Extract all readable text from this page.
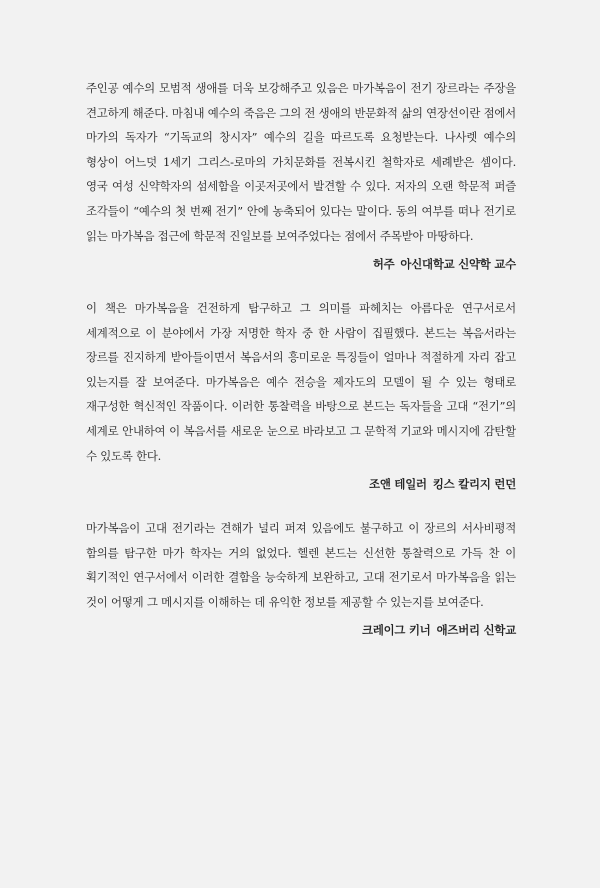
주인공 예수의 모범적 생애를 더욱 보강해주고 있음은 마가복음이 전기 장르라는 주장을 견고하게 해준다. 마침내 예수의 죽음은 그의 전 생애의 반문화적 삶의 연장선이란 점에서 마가의 독자가 “기독교의 창시자” 예수의 길을 따르도록 요청받는다. 나사렛 예수의 형상이 어느덧 1세기 그리스-로마의 가치문화를 전복시킨 철학자로 세례받은 셈이다. 영국 여성 신약학자의 섬세함을 이곳저곳에서 발견할 수 있다. 저자의 오랜 학문적 퍼즐 조각들이 “예수의 첫 번째 전기” 안에 농축되어 있다는 말이다. 동의 여부를 떠나 전기로 읽는 마가복음 접근에 학문적 진일보를 보여주었다는 점에서 주목받아 마땅하다.

허주 아신대학교 신약학 교수

이 책은 마가복음을 건전하게 탐구하고 그 의미를 파헤치는 아름다운 연구서로서 세계적으로 이 분야에서 가장 저명한 학자 중 한 사람이 집필했다. 본드는 복음서라는 장르를 진지하게 받아들이면서 복음서의 흥미로운 특징들이 얼마나 적절하게 자리 잡고 있는지를 잘 보여준다. 마가복음은 예수 전승을 제자도의 모델이 될 수 있는 형태로 재구성한 혁신적인 작품이다. 이러한 통찰력을 바탕으로 본드는 독자들을 고대 “전기”의 세계로 안내하여 이 복음서를 새로운 눈으로 바라보고 그 문학적 기교와 메시지에 감탄할 수 있도록 한다.

조앤 테일러 킹스 칼리지 런던

마가복음이 고대 전기라는 견해가 널리 퍼져 있음에도 불구하고 이 장르의 서사비평적 함의를 탐구한 마가 학자는 거의 없었다. 헬렌 본드는 신선한 통찰력으로 가득 찬 이 획기적인 연구서에서 이러한 결함을 능숙하게 보완하고, 고대 전기로서 마가복음을 읽는 것이 어떻게 그 메시지를 이해하는 데 유익한 정보를 제공할 수 있는지를 보여준다.

크레이그 키너 애즈버리 신학교
